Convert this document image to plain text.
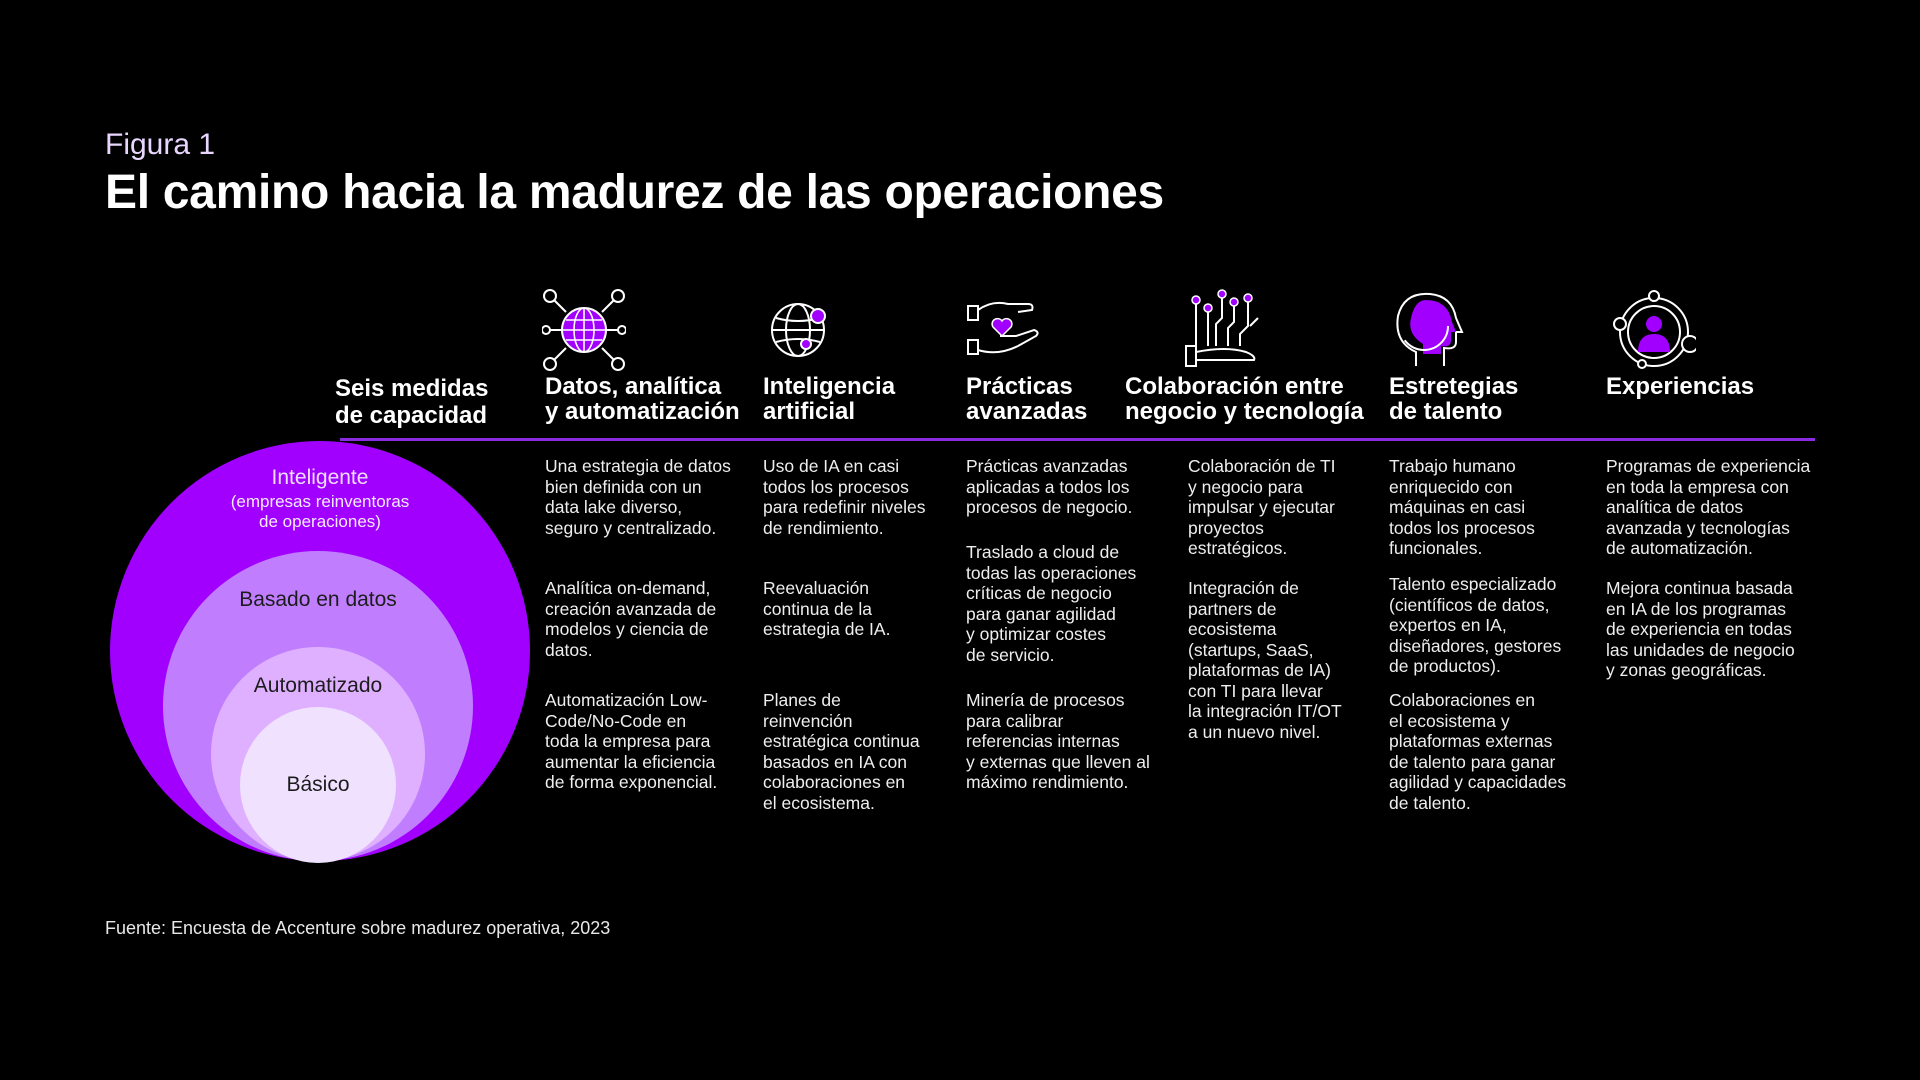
Figura 1
El camino hacia la madurez de las operaciones
Seis medidas
de capacidad
Datos, analítica
y automatización
Inteligencia
artificial
Prácticas
avanzadas
Colaboración entre
negocio y tecnología
Estretegias
de talento
Experiencias
Inteligente
(empresas reinventoras
de operaciones)
Basado en datos
Automatizado
Básico
Una estrategia de datos
bien definida con un
data lake diverso,
seguro y centralizado.
Analítica on-demand,
creación avanzada de
modelos y ciencia de
datos.
Automatización Low-
Code/No-Code en
toda la empresa para
aumentar la eficiencia
de forma exponencial.
Uso de IA en casi
todos los procesos
para redefinir niveles
de rendimiento.
Reevaluación
continua de la
estrategia de IA.
Planes de
reinvención
estratégica continua
basados en IA con
colaboraciones en
el ecosistema.
Prácticas avanzadas
aplicadas a todos los
procesos de negocio.
Traslado a cloud de
todas las operaciones
críticas de negocio
para ganar agilidad
y optimizar costes
de servicio.
Minería de procesos
para calibrar
referencias internas
y externas que lleven al
máximo rendimiento.
Colaboración de TI
y negocio para
impulsar y ejecutar
proyectos
estratégicos.
Integración de
partners de
ecosistema
(startups, SaaS,
plataformas de IA)
con TI para llevar
la integración IT/OT
a un nuevo nivel.
Trabajo humano
enriquecido con
máquinas en casi
todos los procesos
funcionales.
Talento especializado
(científicos de datos,
expertos en IA,
diseñadores, gestores
de productos).
Colaboraciones en
el ecosistema y
plataformas externas
de talento para ganar
agilidad y capacidades
de talento.
Programas de experiencia
en toda la empresa con
analítica de datos
avanzada y tecnologías
de automatización.
Mejora continua basada
en IA de los programas
de experiencia en todas
las unidades de negocio
y zonas geográficas.
Fuente: Encuesta de Accenture sobre madurez operativa, 2023
